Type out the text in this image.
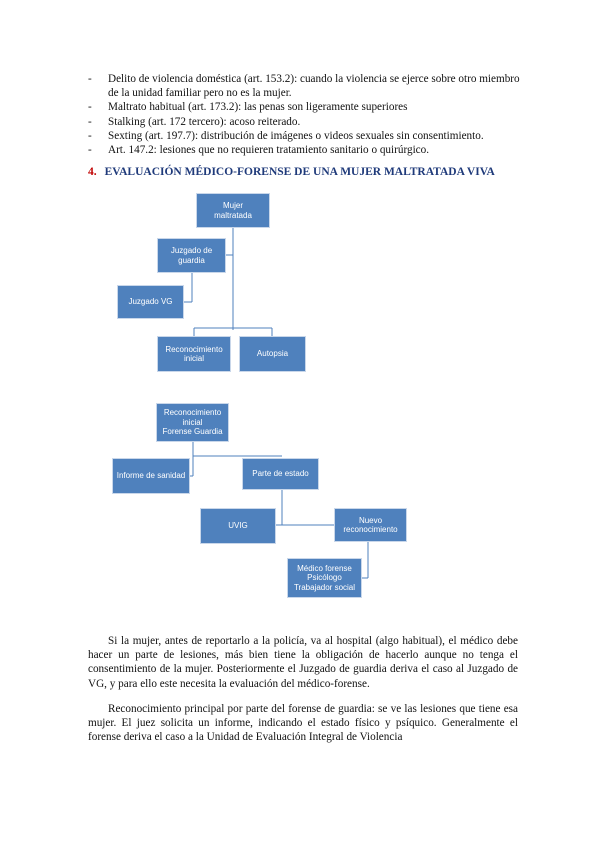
- Delito de violencia doméstica (art. 153.2): cuando la violencia se ejerce sobre otro miembro de la unidad familiar pero no es la mujer.
- Maltrato habitual (art. 173.2): las penas son ligeramente superiores
- Stalking (art. 172 tercero): acoso reiterado.
- Sexting (art. 197.7): distribución de imágenes o videos sexuales sin consentimiento.
- Art. 147.2: lesiones que no requieren tratamiento sanitario o quirúrgico.
4. EVALUACIÓN MÉDICO-FORENSE DE UNA MUJER MALTRATADA VIVA
Mujer
maltratada
Juzgado de
guardia
Juzgado VG
Reconocimiento
inicial
Autopsia
Reconocimiento
inicial
Forense Guardia
Informe de sanidad	Parte de estado
UVIG
Nuevo
reconocimiento
Médico forense
Psicólogo
Trabajador social

Si la mujer, antes de reportarlo a la policía, va al hospital (algo habitual), el médico debe hacer un parte de lesiones, más bien tiene la obligación de hacerlo aunque no tenga el consentimiento de la mujer. Posteriormente el Juzgado de guardia deriva el caso al Juzgado de VG, y para ello este necesita la evaluación del médico-forense.

Reconocimiento principal por parte del forense de guardia: se ve las lesiones que tiene esa mujer. El juez solicita un informe, indicando el estado físico y psíquico. Generalmente el forense deriva el caso a la Unidad de Evaluación Integral de Violencia
